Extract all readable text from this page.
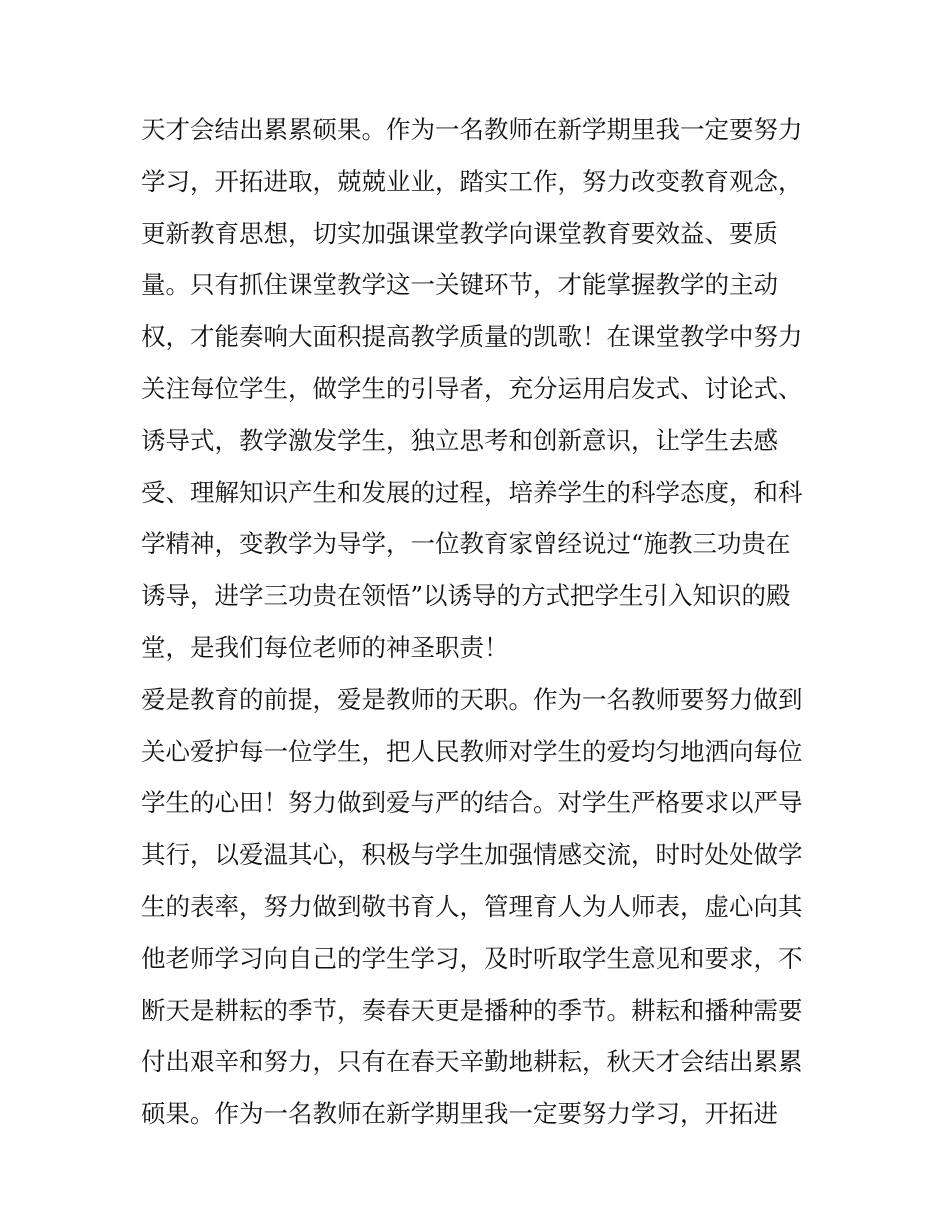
天才会结出累累硕果。作为一名教师在新学期里我一定要努力
学习，开拓进取，兢兢业业，踏实工作，努力改变教育观念，
更新教育思想，切实加强课堂教学向课堂教育要效益、要质
量。只有抓住课堂教学这一关键环节，才能掌握教学的主动
权，才能奏响大面积提高教学质量的凯歌！在课堂教学中努力
关注每位学生，做学生的引导者，充分运用启发式、讨论式、
诱导式，教学激发学生，独立思考和创新意识，让学生去感
受、理解知识产生和发展的过程，培养学生的科学态度，和科
学精神，变教学为导学，一位教育家曾经说过“施教三功贵在
诱导，进学三功贵在领悟”以诱导的方式把学生引入知识的殿
堂，是我们每位老师的神圣职责！
爱是教育的前提，爱是教师的天职。作为一名教师要努力做到
关心爱护每一位学生，把人民教师对学生的爱均匀地洒向每位
学生的心田！努力做到爱与严的结合。对学生严格要求以严导
其行，以爱温其心，积极与学生加强情感交流，时时处处做学
生的表率，努力做到敬书育人，管理育人为人师表，虚心向其
他老师学习向自己的学生学习，及时听取学生意见和要求，不
断天是耕耘的季节，奏春天更是播种的季节。耕耘和播种需要
付出艰辛和努力，只有在春天辛勤地耕耘，秋天才会结出累累
硕果。作为一名教师在新学期里我一定要努力学习，开拓进
